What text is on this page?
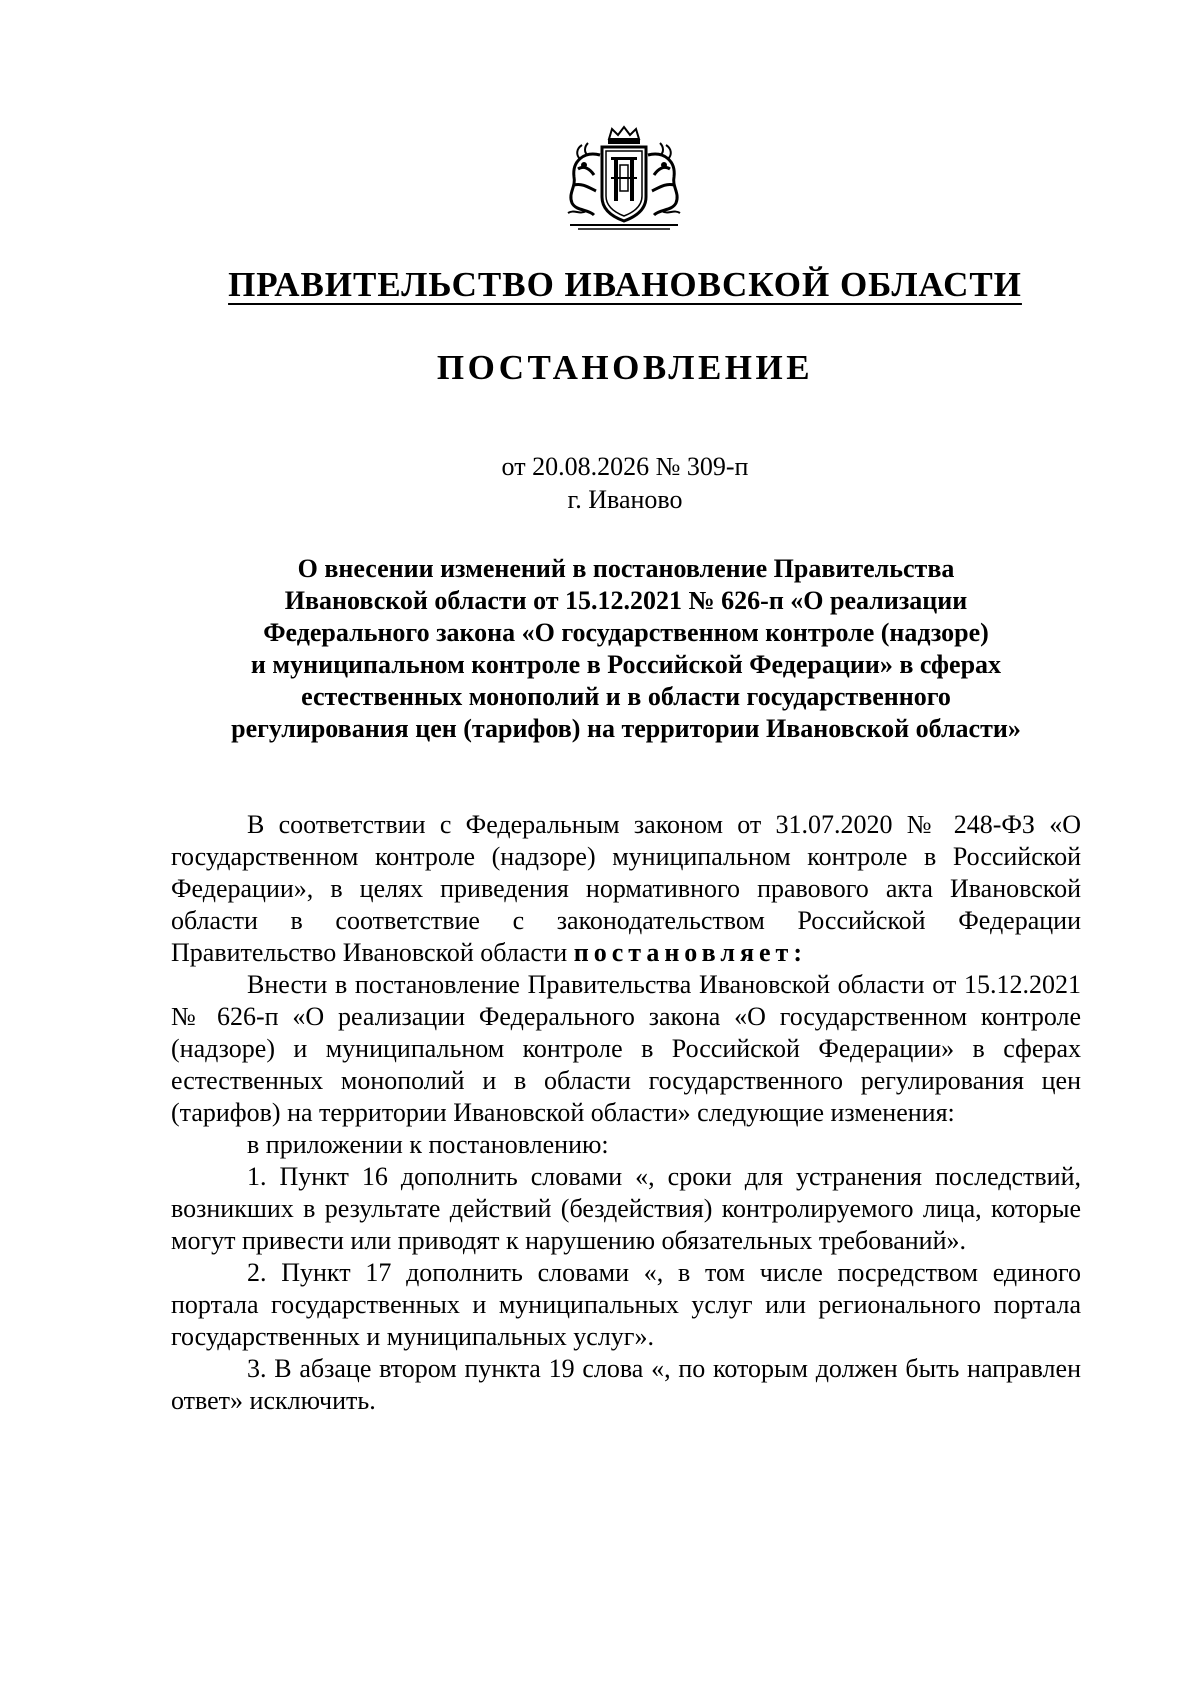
ПРАВИТЕЛЬСТВО ИВАНОВСКОЙ ОБЛАСТИ
ПОСТАНОВЛЕНИЕ
от 20.08.2026 № 309-п
г. Иваново
О внесении изменений в постановление Правительства
Ивановской области от 15.12.2021 № 626-п «О реализации
Федерального закона «О государственном контроле (надзоре)
и муниципальном контроле в Российской Федерации» в сферах
естественных монополий и в области государственного
регулирования цен (тарифов) на территории Ивановской области»

В соответствии с Федеральным законом от 31.07.2020 № 248-ФЗ «О государственном контроле (надзоре) муниципальном контроле в Российской Федерации», в целях приведения нормативного правового акта Ивановской области в соответствие с законодательством Российской Федерации Правительство Ивановской области постановляет:

Внести в постановление Правительства Ивановской области от 15.12.2021 № 626-п «О реализации Федерального закона «О государственном контроле (надзоре) и муниципальном контроле в Российской Федерации» в сферах естественных монополий и в области государственного регулирования цен (тарифов) на территории Ивановской области» следующие изменения:

в приложении к постановлению:

1. Пункт 16 дополнить словами «, сроки для устранения последствий, возникших в результате действий (бездействия) контролируемого лица, которые могут привести или приводят к нарушению обязательных требований».

2. Пункт 17 дополнить словами «, в том числе посредством единого портала государственных и муниципальных услуг или регионального портала государственных и муниципальных услуг».

3. В абзаце втором пункта 19 слова «, по которым должен быть направлен ответ» исключить.
